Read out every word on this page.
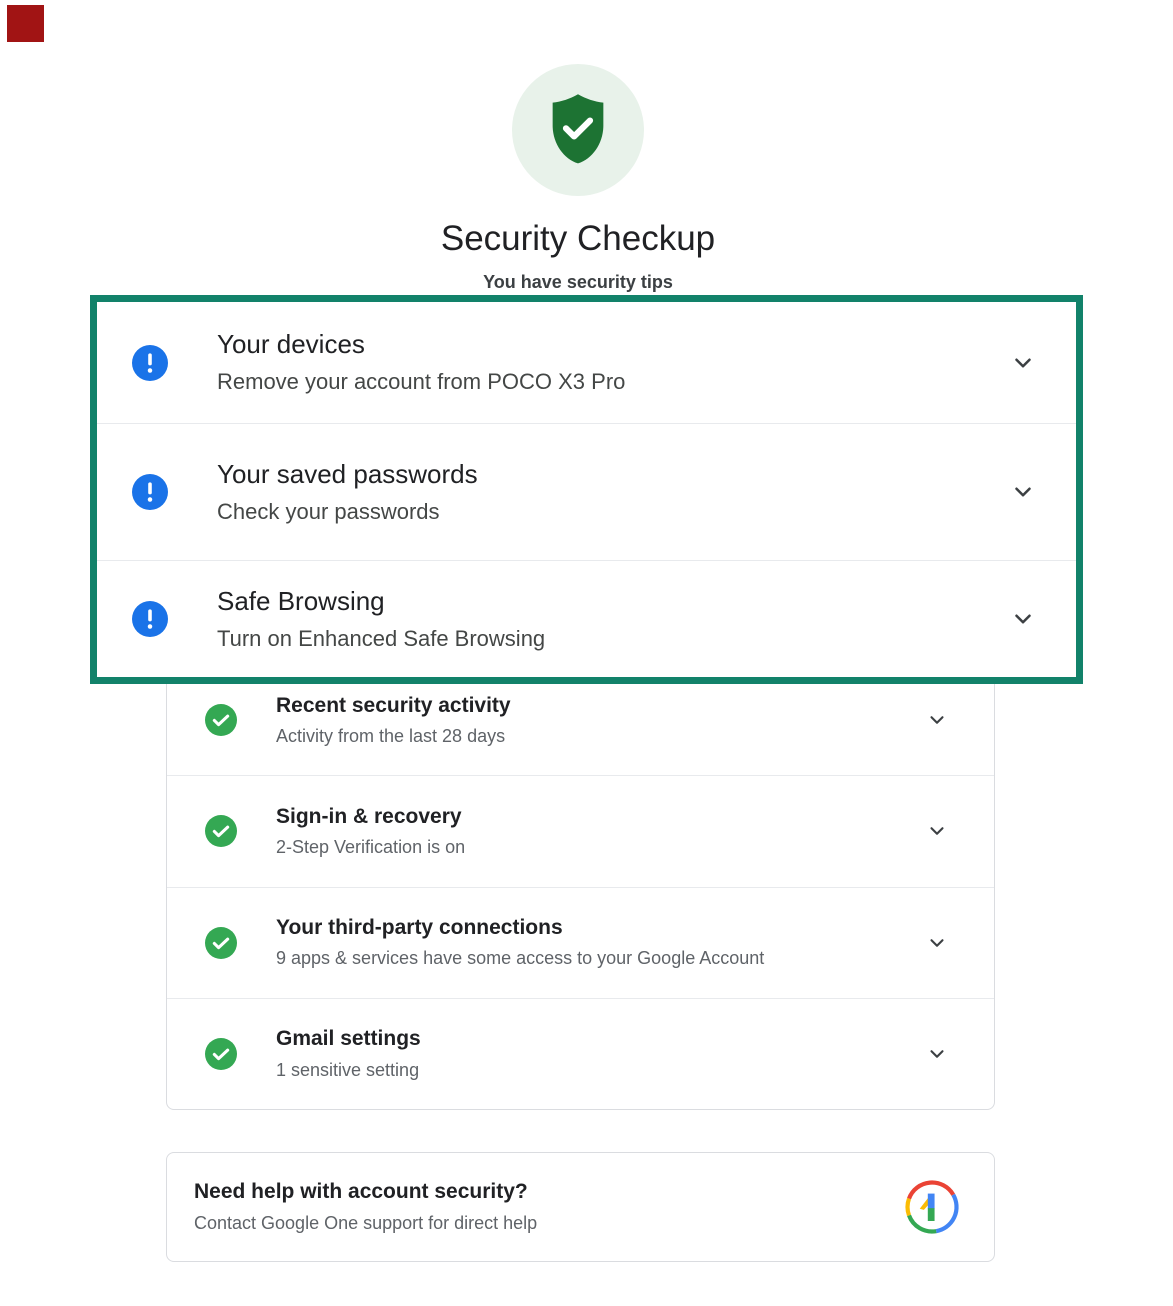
Security Checkup
You have security tips
Your devices
Remove your account from POCO X3 Pro
Your saved passwords
Check your passwords
Safe Browsing
Turn on Enhanced Safe Browsing
Recent security activity
Activity from the last 28 days
Sign-in & recovery
2-Step Verification is on
Your third-party connections
9 apps & services have some access to your Google Account
Gmail settings
1 sensitive setting
Need help with account security?
Contact Google One support for direct help
